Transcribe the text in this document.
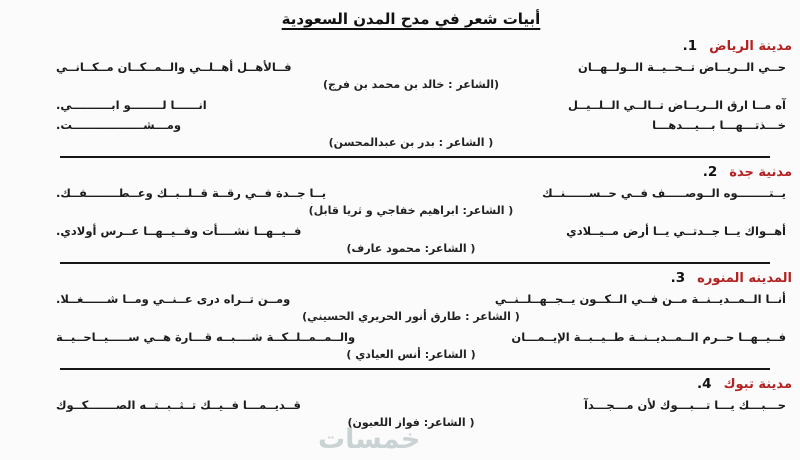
أبيات شعر في مدح المدن السعودية
مدينة الرياض
1.
حــي الــريــاض تــحــيــة الــولــهــان
فــالأهــل أهــلــي والــمــكــان مــكــانــي
(الشاعر : خالد بن محمد بن فرج)
آه مــا ارق الــريــاض تــالــي الــلــيــل
انــــــا لــــــــو ابــــــــــي.
خـــذتـــهـــا بـــيـــدهـــا
ومـــشــــــــــــــــــت.
( الشاعر : بدر بن عبدالمحسن)
مدنية جدة
2.
يــتــــــــوه الــوصـــــف فــي حــســــــنــك
يــا جــدة فــي رقــة قــلــبــك وعــطــــــــفــك.
( الشاعر: ابراهيم خفاجي و ثريا قابل)
أهــواك يــا جــدتــي يــا أرض مــيــلادي
فــيــهــا نشــــأت وفــيــهــا عــرس أولادي.
( الشاعر: محمود عارف)
المدينه المنوره
3.
أنــا الــمــديــنــة مــن فــي الــكــون يــجــهــلــنــي
ومــن تــراه درى عــنــي ومــا شــــــغــلا.
( الشاعر : طارق أنور الحريري الحسيني)
فــيــهــا حــرم الــمــديــنــة طــيــبــة الإيــمـــان
والــمــمــلــكــة شــــبــه قـــارة هــي ســـــيــاحــيــة
( الشاعر: أنس العيادي )
مدينة تبوك
4.
حـــبـــك يـــا تـــبـــوك لأن مـــجـــدآ
قــديــمـــا فــيــك تــثــبــتــه الصـــــــكــوك
( الشاعر: فواز اللعبون)
خمسات
